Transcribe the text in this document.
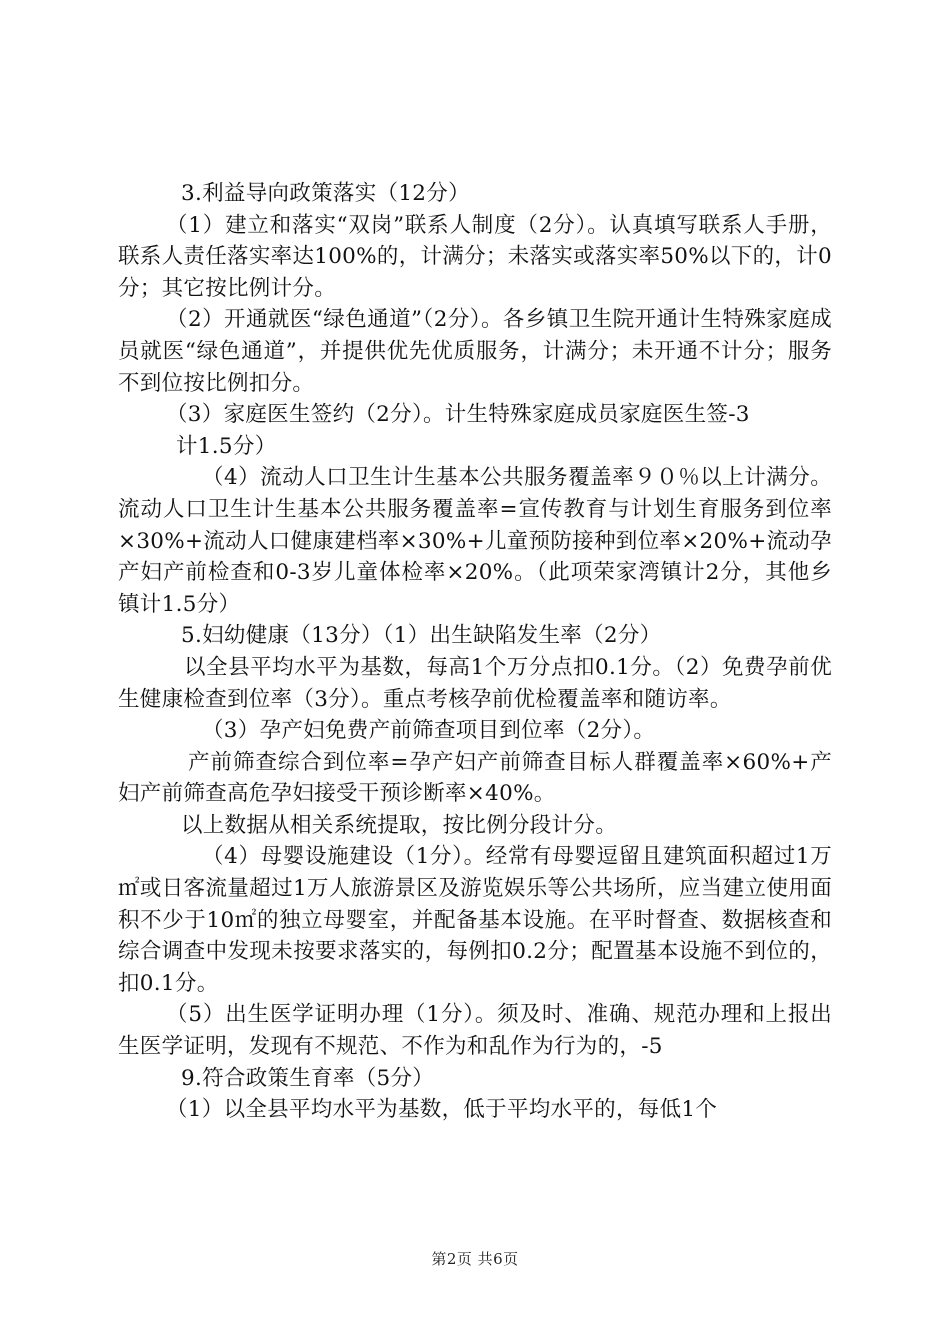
3.利益导向政策落实（12分）

（1）建立和落实“双岗”联系人制度（2分）。认真填写联系人手册，联系人责任落实率达100%的，计满分；未落实或落实率50%以下的，计0分；其它按比例计分。

（2）开通就医“绿色通道”（2分）。各乡镇卫生院开通计生特殊家庭成员就医“绿色通道”，并提供优先优质服务，计满分；未开通不计分；服务不到位按比例扣分。

（3）家庭医生签约（2分）。计生特殊家庭成员家庭医生签-3

计1.5分）

（4）流动人口卫生计生基本公共服务覆盖率９０％以上计满分。流动人口卫生计生基本公共服务覆盖率=宣传教育与计划生育服务到位率×30%+流动人口健康建档率×30%+儿童预防接种到位率×20%+流动孕产妇产前检查和0-3岁儿童体检率×20%。（此项荣家湾镇计2分，其他乡镇计1.5分）

5.妇幼健康（13分）（1）出生缺陷发生率（2分）

以全县平均水平为基数，每高1个万分点扣0.1分。（2）免费孕前优生健康检查到位率（3分）。重点考核孕前优检覆盖率和随访率。

（3）孕产妇免费产前筛查项目到位率（2分）。

产前筛查综合到位率=孕产妇产前筛查目标人群覆盖率×60%+产妇产前筛查高危孕妇接受干预诊断率×40%。

以上数据从相关系统提取，按比例分段计分。

（4）母婴设施建设（1分）。经常有母婴逗留且建筑面积超过1万㎡或日客流量超过1万人旅游景区及游览娱乐等公共场所，应当建立使用面积不少于10㎡的独立母婴室，并配备基本设施。在平时督查、数据核查和综合调查中发现未按要求落实的，每例扣0.2分；配置基本设施不到位的，扣0.1分。

（5）出生医学证明办理（1分）。须及时、准确、规范办理和上报出生医学证明，发现有不规范、不作为和乱作为行为的，-5

9.符合政策生育率（5分）

（1）以全县平均水平为基数，低于平均水平的，每低1个

第2页 共6页
